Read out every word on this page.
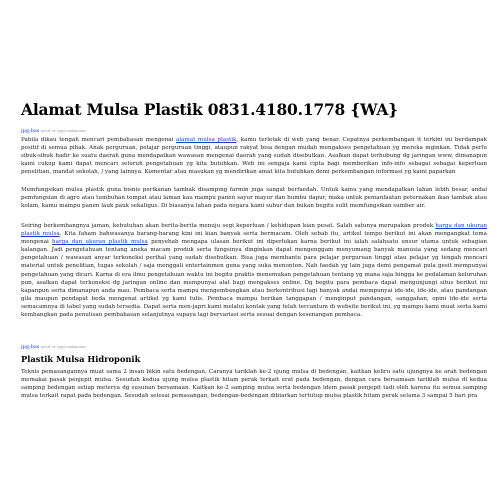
Alamat Mulsa Plastik 0831.4180.1778 {WA}
jpg;bas used or type unknown

Pabila dikau tengah mencari pembahasan mengenai alamat mulsa plastik, kamu terletak di web yang benar. Cepatnya perkembangan it terkini ini berdampak positif di semua pihak. Anak perguruan, pelajar perguruan tinggi, ataupun rakyat bisa dengan mudah mengakses pengetahuan yg mereka inginkan. Tidak perlu sibuk-sibuk hadir ke suatu daerah guna mendapatkan wawasan mengenai daerah yang sudah disebutkan. Asalkan dapat terhubung dg jaringan www, dimanapun kami cukup kami dapat mencari seluruh pengetahuan yg kita butuhkan. Web ini sengaja kami cipta bagi memberikan info-info sebagai sebagai keperluan penelitian, mandat sekolah, / yang lainnya. Komentar atau masukan yg mendirikan amat kita butuhkan demi perkembangan informasi yg kami paparkan

Memfungsikan mulsa plastik guna bisnis perikanan tambak disamping farmin juga sangat berfaedah. Untuk kamu yang mendapatkan lahan lebih besar, andai pemfungsian di agro atau tumbuhan tempat atau laman kau mampu panen sayur mayur dan bumbu dapur, maka untuk pemanfaatan peternakan ikan tambak atau kolam, kamu mampu panen lauk pauk sekaligus. Di biasanya lahan pada negara kami subur dan bukan begitu sulit memfungsikan sumber air.

Seiring berkembangnya jaman, kebutuhan akan berita-berita menuju segi keperluan / kehidupan kian pesat. Salah satunya merupakan produk harga dan ukuran plastik mulsa. Kita faham bahwasanya barang-barang kini ini kian banyak serta bermacam. Oleh sebab itu, artikel tempo berikut ini akan mengangkat tema mengenai harga dan ukuran plastik mulsa penyebab mengapa ulasan berikut ini diperlukan karna berikut ini ialah salahsatu unsur utama untuk sebagian kalangan. Jadi pengetahuan tentang aneka macam produk serta fungsinya dinginkan dapat mengenggam menyumang banyak manusia yang sedang mencari pengetahuan / wawasan anyar terkoneksi perihal yang sudah disebutkan. Bisa juga membantu para pelajar perguruan tinggi atau pelajar yg tengah mencari material untuk penelitian, tugas sekolah / saja menggali entertainmen guna yang suka menonton. Nah faedah yg lain juga demi pengamat pula gesit mempunyai pengetahuan yang dicari. Karna di era ilmu pengetahuan waktu ini begitu praktis menemukan pengetahuan tentang yg mana saja hingga ke pedalaman keluruhan pun, asalkan dapat terkoneksi dg jaringan online dan mempunyai alat bagi mengakses online. Dg begitu para pembaca dapat mengunjungi situs berikut ini kapanpun serta dimanapun anda mau. Pembaca serta mampu mengembangkan atau berkontribusi lagi banyak andai mempunyai ide-ide, ide-ide, atau pandangan gila maupun pendapat beda mengenai artikel yg kami tulis. Pembaca mampu berikan tanggapan / menginput pandangan, sanggahan, opini ide-ide serta semacamnya di tabel yang sudah tersedia. Dapat serta men-japri kami melalui kontak yang telah tercantum di website berikut ini, yg mampu kami muat serta kami kembangkan pada penulisan pembahasan selanjutnya supaya lagi bervariasi serta sesuai dengan kesenangan pembaca.

jpg;bas used or type unknown
Plastik Mulsa Hidroponik

Teknis pemasangannya muat sama 2 insan bikin satu bedengan. Caranya tariklah ke-2 ujung mulsa di bedengan, kaitkan keliru satu ujungnya ke arah bedengan memakai pasak penjepit mulsa. Sesudah kedua ujung mulsa plastik hitam perak terkait erat pada bedengan, dengan cara bersamaan tariklah mulsa di kedua samping bedengan setiap meterya dg susunan bersamaan. Kaitkan ke-2 samping mulsa serta bedengan idem pasak penjepit tadi oleh karena itu semua samping mulsa terkait rapat pada bedengan. Sesudah selesai pemasangan, bedengan-bedengan dibiarkan tertutup mulsa plastik hitam perak selama 3 sampai 5 hari pra
